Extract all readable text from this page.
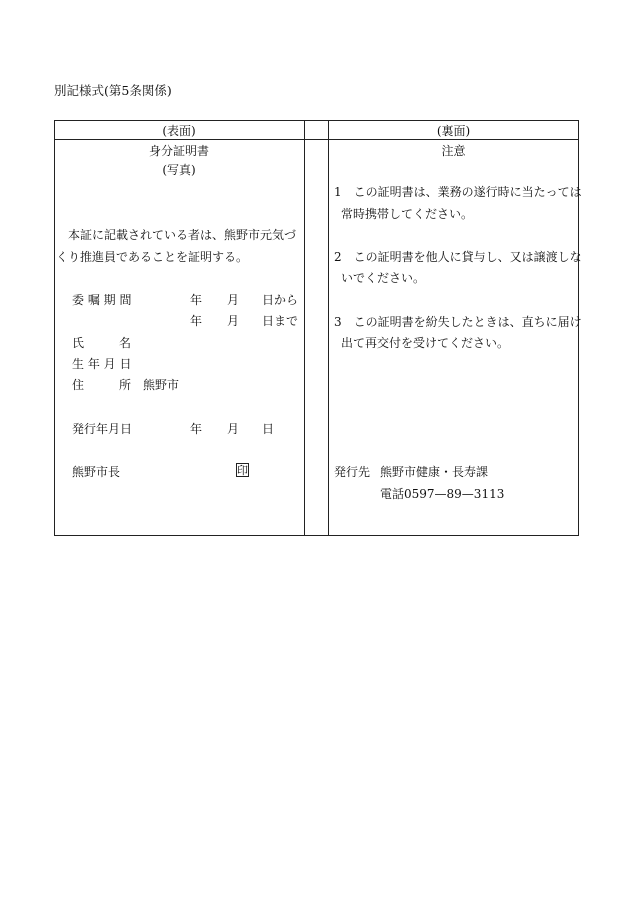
別記様式(第5条関係)
(表面)
身分証明書
(写真)
本証に記載されている者は、熊野市元気づ
くり推進員であることを証明する。
委 嘱 期 間	年 月 日から
年 月 日まで
氏	名
生 年 月 日
住	所 熊野市
発行年月日	年 月 日
熊野市長	印
(裏面)
注意
1　この証明書は、業務の遂行時に当たっては
常時携帯してください。
2　この証明書を他人に貸与し、又は譲渡しな
いでください。
3　この証明書を紛失したときは、直ちに届け
出て再交付を受けてください。
発行先 熊野市健康・長寿課
電話0597—89—3113
